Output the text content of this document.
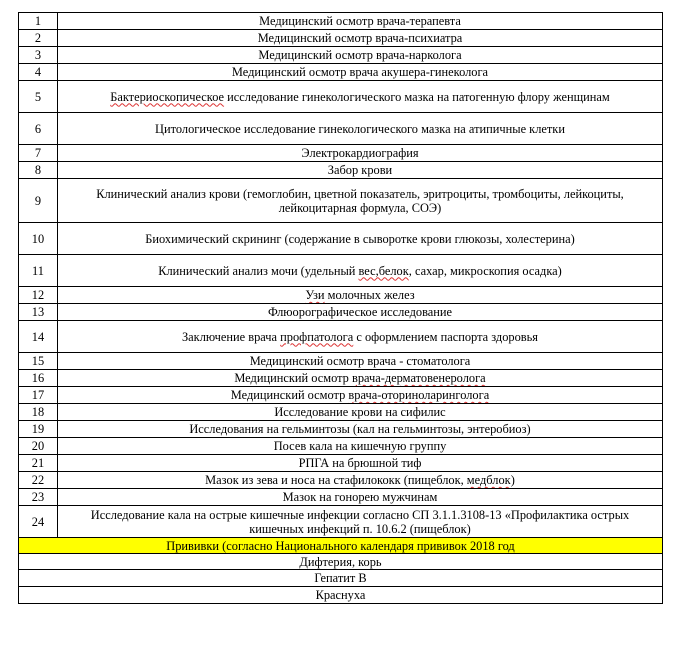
1	Медицинский осмотр врача-терапевта
2	Медицинский осмотр врача-психиатра
3	Медицинский осмотр врача-нарколога
4	Медицинский осмотр врача акушера-гинеколога
5	Бактериоскопическое исследование гинекологического мазка на патогенную флору женщинам
6	Цитологическое исследование гинекологического мазка на атипичные клетки
7	Электрокардиография
8	Забор крови
9	Клинический анализ крови (гемоглобин, цветной показатель, эритроциты, тромбоциты, лейкоциты, лейкоцитарная формула, СОЭ)
10	Биохимический скрининг (содержание в сыворотке крови глюкозы, холестерина)
11	Клинический анализ мочи (удельный вес,белок, сахар, микроскопия осадка)
12	Узи молочных желез
13	Флюорографическое исследование
14	Заключение врача профпатолога с оформлением паспорта здоровья
15	Медицинский осмотр врача - стоматолога
16	Медицинский осмотр врача-дерматовенеролога
17	Медицинский осмотр врача-оториноларинголога
18	Исследование крови на сифилис
19	Исследования на гельминтозы (кал на гельминтозы, энтеробиоз)
20	Посев кала на кишечную группу
21	РПГА на брюшной тиф
22	Мазок из зева и носа на стафилококк (пищеблок, медблок)
23	Мазок на гонорею мужчинам
24	Исследование кала на острые кишечные инфекции согласно СП 3.1.1.3108-13 «Профилактика острых кишечных инфекций п. 10.6.2 (пищеблок)
Прививки (согласно Национального календаря прививок 2018 год	
Дифтерия, корь	
Гепатит В	
Краснуха	
